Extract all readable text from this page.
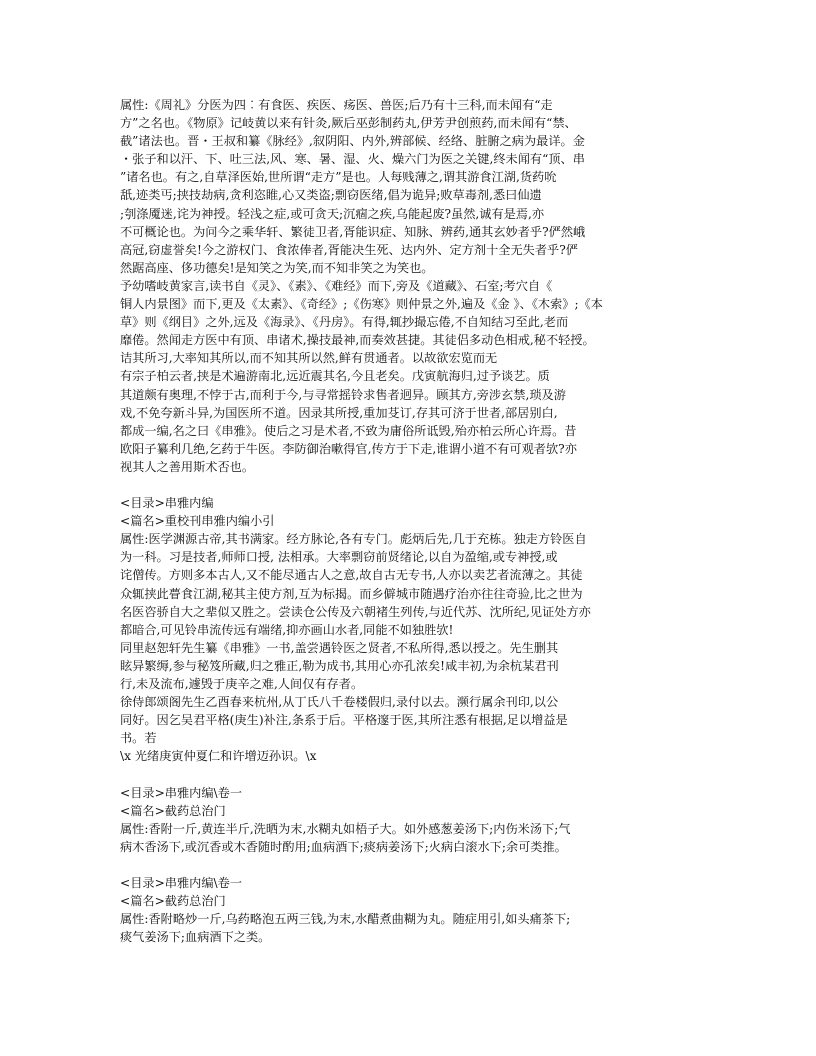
属性:《周礼》分医为四︰有食医、疾医、疡医、兽医;后乃有十三科,而未闻有“走
方”之名也。《物原》记岐黄以来有针灸,厥后巫彭制药丸,伊芳尹创煎药,而未闻有“禁、
截”诸法也。晋・王叔和纂《脉经》,叙阴阳、内外,辨部候、经络、脏腑之病为最详。金
・张子和以汗、下、吐三法,风、寒、暑、湿、火、燥六门为医之关键,终未闻有“顶、串
”诸名也。有之,自草泽医始,世所谓“走方”是也。人每贱薄之,谓其游食江湖,货药吮
舐,迹类丐;挟技劫病,贪利恣睢,心又类盗;剽窃医绪,倡为诡异;败草毒剂,悉曰仙遗
;刳涤魇迷,诧为神授。轻浅之症,或可贪天;沉痼之疾,乌能起废?虽然,诚有是焉,亦
不可概论也。为问今之乘华轩、繁徒卫者,胥能识症、知脉、辨药,通其玄妙者乎?俨然峨
高冠,窃虚誉矣!今之游权门、食浓俸者,胥能决生死、达内外、定方剂十全无失者乎?俨
然踞高座、侈功德矣!是知笑之为笑,而不知非笑之为笑也。
予幼嗜岐黄家言,读书自《灵》、《素》、《难经》而下,旁及《道藏》、石室;考穴自《
铜人内景图》而下,更及《太素》、《奇经》;《伤寒》则仲景之外,遍及《金 》、《木索》;《本
草》则《纲目》之外,远及《海录》、《丹房》。有得,辄抄撮忘倦,不自知结习至此,老而
靡倦。然闻走方医中有顶、串诸术,操技最神,而奏效甚捷。其徒侣多动色相戒,秘不轻授。
诘其所习,大率知其所以,而不知其所以然,鲜有贯通者。以故欲宏览而无
有宗子柏云者,挟是术遍游南北,远近震其名,今且老矣。戊寅航海归,过予谈艺。质
其道颇有奥理,不悖于古,而利于今,与寻常摇铃求售者迥异。顾其方,旁涉玄禁,琐及游
戏,不免夸新斗异,为国医所不道。因录其所授,重加芟订,存其可济于世者,部居别白,
都成一编,名之曰《串雅》。使后之习是术者,不致为庸俗所诋毁,殆亦柏云所心许焉。昔
欧阳子纂利几绝,乞药于牛医。李防御治嗽得官,传方于下走,谁谓小道不有可观者欤?亦
视其人之善用斯术否也。
<目录>串雅内编
<篇名>重校刊串雅内编小引
属性:医学渊源古帝,其书满家。经方脉论,各有专门。彪炳后先,几于充栋。独走方铃医自
为一科。习是技者,师师口授, 法相承。大率剽窃前贤绪论,以自为盈缩,或专神授,或
诧僧传。方则多本古人,又不能尽通古人之意,故自古无专书,人亦以卖艺者流薄之。其徒
众辄挟此瞢食江湖,秘其主使方剂,互为标揭。而乡僻城市随遇疗治亦往往奇验,比之世为
名医咨骄自大之辈似又胜之。尝读仓公传及六朝褚生列传,与近代苏、沈所纪,见证处方亦
都暗合,可见铃串流传远有端绪,抑亦画山水者,同能不如独胜欤!
同里赵恕轩先生纂《串雅》一书,盖尝遇铃医之贤者,不私所得,悉以授之。先生删其
眩异繁缛,参与秘笈所藏,归之雅正,勒为成书,其用心亦孔浓矣!咸丰初,为余杭某君刊
行,未及流布,遽毁于庚辛之难,人间仅有存者。
徐侍郎颂阁先生乙酉春来杭州,从丁氏八千卷楼假归,录付以去。濒行属余刊印,以公
同好。因乞吴君平格(庚生)补注,条系于后。平格邃于医,其所注悉有根据,足以增益是
书。若
\x 光绪庚寅仲夏仁和许增迈孙识。\x
<目录>串雅内编\卷一
<篇名>截药总治门
属性:香附一斤,黄连半斤,洗晒为末,水糊丸如梧子大。如外感葱姜汤下;内伤米汤下;气
病木香汤下,或沉香或木香随时酌用;血病酒下;痰病姜汤下;火病白滚水下;余可类推。
<目录>串雅内编\卷一
<篇名>截药总治门
属性:香附略炒一斤,乌药略泡五两三钱,为末,水醋煮曲糊为丸。随症用引,如头痛茶下;
痰气姜汤下;血病酒下之类。
